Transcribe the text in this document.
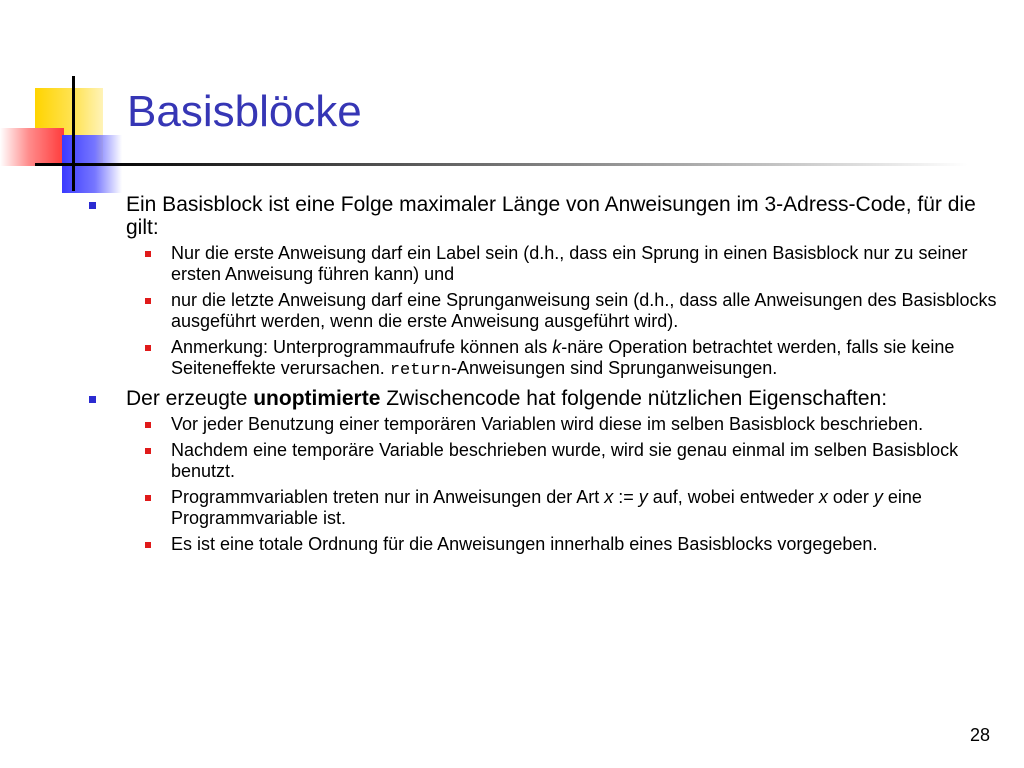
Basisblöcke
Ein Basisblock ist eine Folge maximaler Länge von Anweisungen im 3-Adress-Code, für die gilt:
Nur die erste Anweisung darf ein Label sein (d.h., dass ein Sprung in einen Basisblock nur zu seiner ersten Anweisung führen kann) und
nur die letzte Anweisung darf eine Sprunganweisung sein (d.h., dass alle Anweisungen des Basisblocks ausgeführt werden, wenn die erste Anweisung ausgeführt wird).
Anmerkung: Unterprogrammaufrufe können als k-näre Operation betrachtet werden, falls sie keine Seiteneffekte verursachen. return-Anweisungen sind Sprunganweisungen.
Der erzeugte unoptimierte Zwischencode hat folgende nützlichen Eigenschaften:
Vor jeder Benutzung einer temporären Variablen wird diese im selben Basisblock beschrieben.
Nachdem eine temporäre Variable beschrieben wurde, wird sie genau einmal im selben Basisblock benutzt.
Programmvariablen treten nur in Anweisungen der Art x := y auf, wobei entweder x oder y eine Programmvariable ist.
Es ist eine totale Ordnung für die Anweisungen innerhalb eines Basisblocks vorgegeben.
28
